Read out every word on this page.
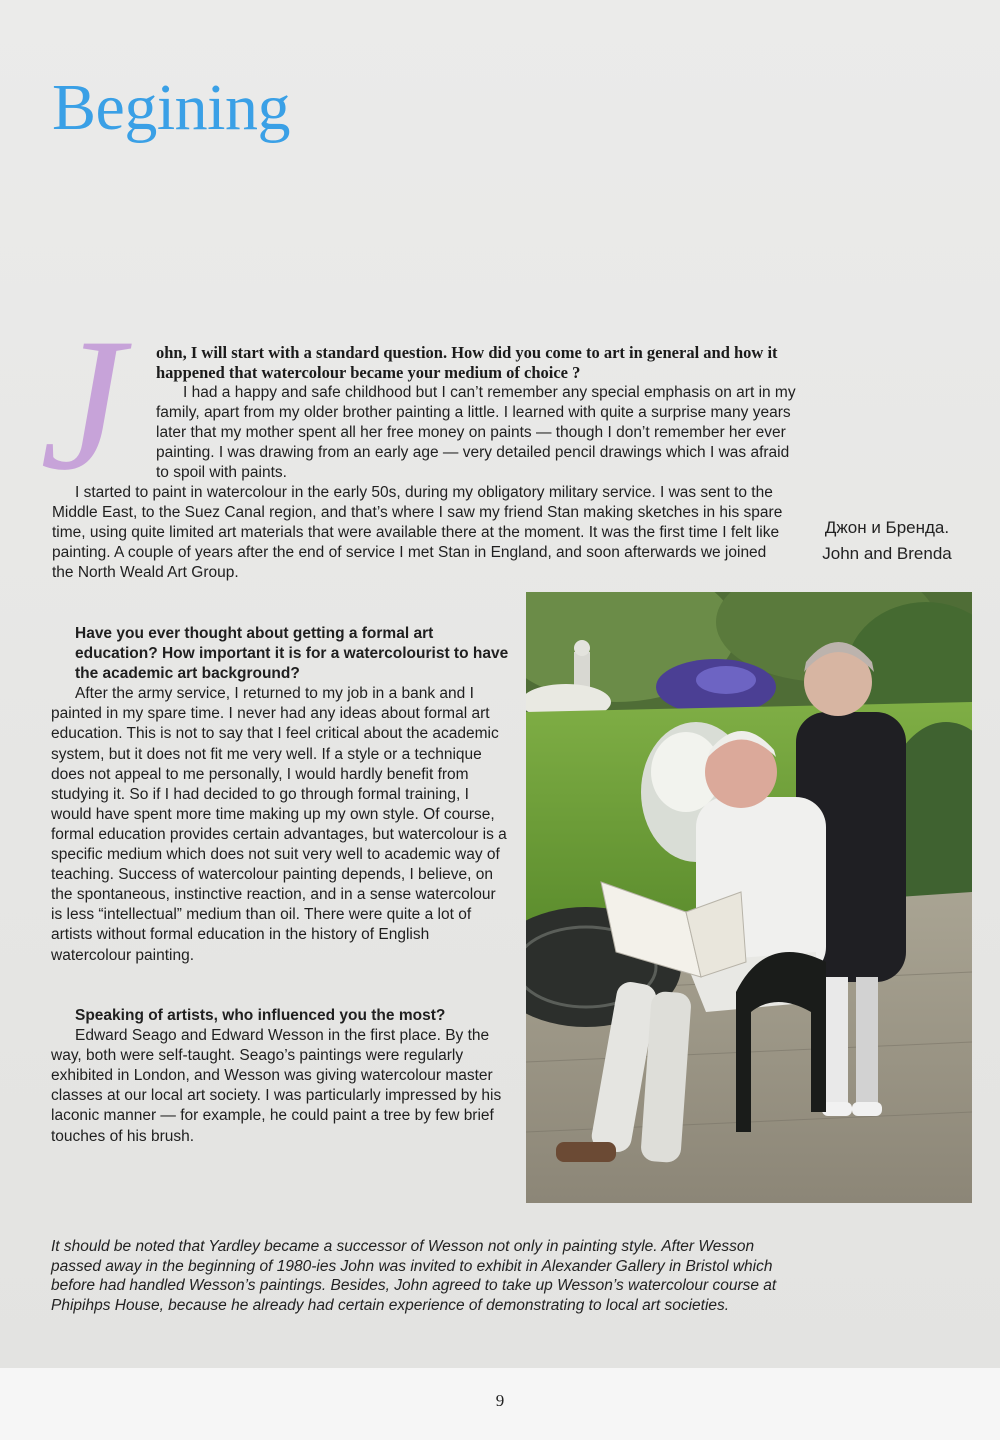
Begining
J ohn, I will start with a standard question. How did you come to art in general and how it happened that watercolour became your medium of choice ?

I had a happy and safe childhood but I can’t remember any special emphasis on art in my family, apart from my older brother painting a little. I learned with quite a surprise many years later that my mother spent all her free money on paints — though I don’t remember her ever painting. I was drawing from an early age — very detailed pencil drawings which I was afraid to spoil with paints.

I started to paint in watercolour in the early 50s, during my obligatory military service. I was sent to the Middle East, to the Suez Canal region, and that’s where I saw my friend Stan making sketches in his spare time, using quite limited art materials that were available there at the moment. It was the first time I felt like painting. A couple of years after the end of service I met Stan in England, and soon afterwards we joined the North Weald Art Group.

Джон и Бренда.
John and Brenda

Have you ever thought about getting a formal art education? How important it is for a watercolourist to have the academic art background?

After the army service, I returned to my job in a bank and I painted in my spare time. I never had any ideas about formal art education. This is not to say that I feel critical about the academic system, but it does not fit me very well. If a style or a technique does not appeal to me personally, I would hardly benefit from studying it. So if I had decided to go through formal training, I would have spent more time making up my own style. Of course, formal education provides certain advantages, but watercolour is a specific medium which does not suit very well to academic way of teaching. Success of watercolour painting depends, I believe, on the spontaneous, instinctive reaction, and in a sense watercolour is less “intellectual” medium than oil. There were quite a lot of artists without formal education in the history of English watercolour painting.

Speaking of artists, who influenced you the most?

Edward Seago and Edward Wesson in the first place. By the way, both were self-taught. Seago’s paintings were regularly exhibited in London, and Wesson was giving watercolour master classes at our local art society. I was particularly impressed by his laconic manner — for example, he could paint a tree by few brief touches of his brush.

It should be noted that Yardley became a successor of Wesson not only in painting style. After Wesson passed away in the beginning of 1980-ies John was invited to exhibit in Alexander Gallery in Bristol which before had handled Wesson’s paintings. Besides, John agreed to take up Wesson’s watercolour course at Phipihps House, because he already had certain experience of demonstrating to local art societies.

9
